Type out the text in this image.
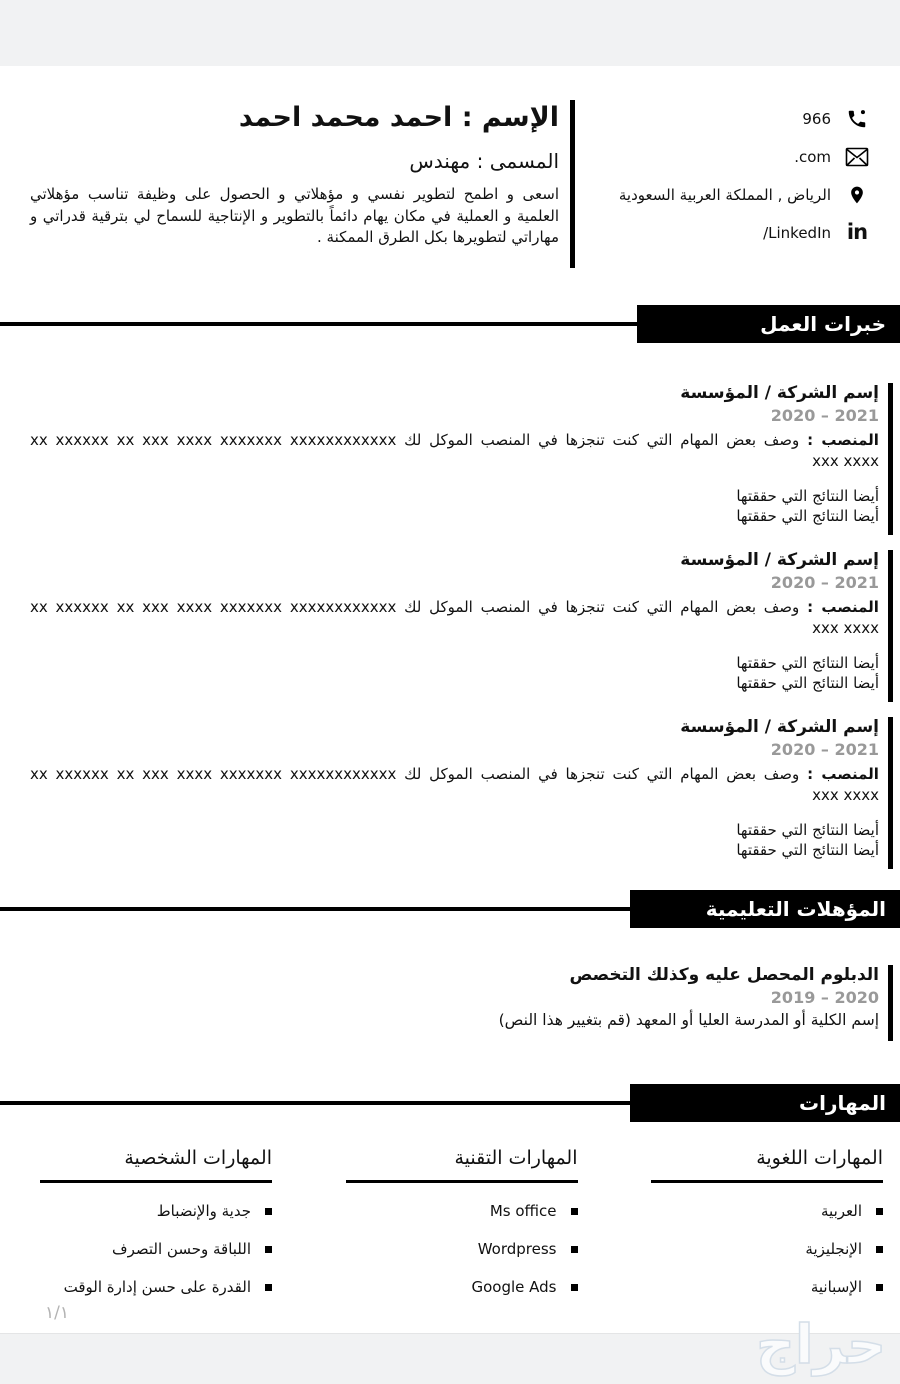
966
.com
الرياض , المملكة العربية السعودية
in
/LinkedIn
الإسم : احمد محمد احمد
المسمى : مهندس
اسعى و اطمح لتطوير نفسي و مؤهلاتي و الحصول على وظيفة تناسب مؤهلاتي العلمية و العملية في مكان يهام دائماً بالتطوير و الإنتاجية للسماح لي بترقية قدراتي و مهاراتي لتطويرها بكل الطرق الممكنة .
خبرات العمل
إسم الشركة / المؤسسة
2020 – 2021
المنصب : وصف بعض المهام التي كنت تنجزها في المنصب الموكل لك xx xxxxxx xx xxx xxxx xxxxxxx xxxxxxxxxxxx
xxx xxxx
أيضا النتائج التي حققتها
أيضا النتائج التي حققتها
إسم الشركة / المؤسسة
2020 – 2021
المنصب : وصف بعض المهام التي كنت تنجزها في المنصب الموكل لك xx xxxxxx xx xxx xxxx xxxxxxx xxxxxxxxxxxx
xxx xxxx
أيضا النتائج التي حققتها
أيضا النتائج التي حققتها
إسم الشركة / المؤسسة
2020 – 2021
المنصب : وصف بعض المهام التي كنت تنجزها في المنصب الموكل لك xx xxxxxx xx xxx xxxx xxxxxxx xxxxxxxxxxxx
xxx xxxx
أيضا النتائج التي حققتها
أيضا النتائج التي حققتها
المؤهلات التعليمية
الدبلوم المحصل عليه وكذلك التخصص
2019 – 2020
إسم الكلية أو المدرسة العليا أو المعهد (قم بتغيير هذا النص)
المهارات
المهارات اللغوية
العربية
الإنجليزية
الإسبانية
المهارات التقنية
Ms office
Wordpress
Google Ads
المهارات الشخصية
جدية والإنضباط
اللباقة وحسن التصرف
القدرة على حسن إدارة الوقت
١/١	حراج
